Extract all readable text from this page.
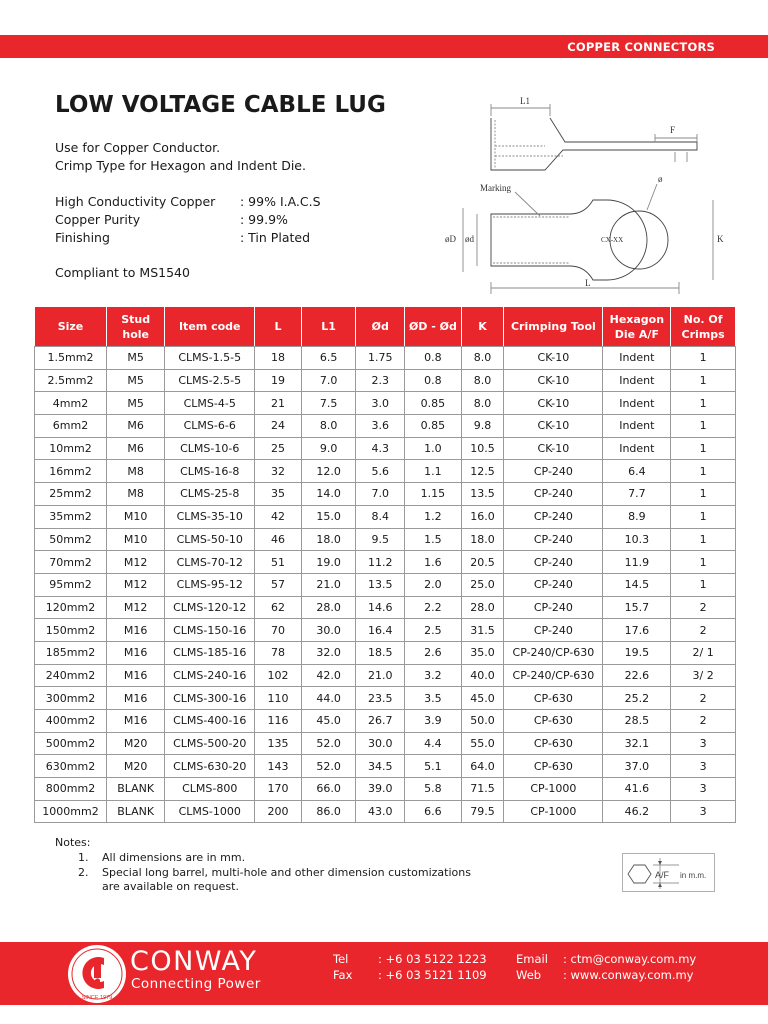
COPPER CONNECTORS
LOW VOLTAGE CABLE LUG
Use for Copper Conductor.
Crimp Type for Hexagon and Indent Die.
High Conductivity Copper : 99% I.A.C.S
Copper Purity	: 99.9%
Finishing	: Tin Plated
Compliant to MS1540
L1
F
Marking
ø
øD ød	K
L
CX-XX
Size	Stud hole	Item code	L	L1	Ød	ØD - Ød	K	Crimping Tool	Hexagon Die A/F	No. Of Crimps
1.5mm2	M5	CLMS-1.5-5	18	6.5	1.75	0.8	8.0	CK-10	Indent	1
2.5mm2	M5	CLMS-2.5-5	19	7.0	2.3	0.8	8.0	CK-10	Indent	1
4mm2	M5	CLMS-4-5	21	7.5	3.0	0.85	8.0	CK-10	Indent	1
6mm2	M6	CLMS-6-6	24	8.0	3.6	0.85	9.8	CK-10	Indent	1
10mm2	M6	CLMS-10-6	25	9.0	4.3	1.0	10.5	CK-10	Indent	1
16mm2	M8	CLMS-16-8	32	12.0	5.6	1.1	12.5	CP-240	6.4	1
25mm2	M8	CLMS-25-8	35	14.0	7.0	1.15	13.5	CP-240	7.7	1
35mm2	M10	CLMS-35-10	42	15.0	8.4	1.2	16.0	CP-240	8.9	1
50mm2	M10	CLMS-50-10	46	18.0	9.5	1.5	18.0	CP-240	10.3	1
70mm2	M12	CLMS-70-12	51	19.0	11.2	1.6	20.5	CP-240	11.9	1
95mm2	M12	CLMS-95-12	57	21.0	13.5	2.0	25.0	CP-240	14.5	1
120mm2	M12	CLMS-120-12	62	28.0	14.6	2.2	28.0	CP-240	15.7	2
150mm2	M16	CLMS-150-16	70	30.0	16.4	2.5	31.5	CP-240	17.6	2
185mm2	M16	CLMS-185-16	78	32.0	18.5	2.6	35.0	CP-240/CP-630	19.5	2/ 1
240mm2	M16	CLMS-240-16	102	42.0	21.0	3.2	40.0	CP-240/CP-630	22.6	3/ 2
300mm2	M16	CLMS-300-16	110	44.0	23.5	3.5	45.0	CP-630	25.2	2
400mm2	M16	CLMS-400-16	116	45.0	26.7	3.9	50.0	CP-630	28.5	2
500mm2	M20	CLMS-500-20	135	52.0	30.0	4.4	55.0	CP-630	32.1	3
630mm2	M20	CLMS-630-20	143	52.0	34.5	5.1	64.0	CP-630	37.0	3
800mm2	BLANK	CLMS-800	170	66.0	39.0	5.8	71.5	CP-1000	41.6	3
1000mm2	BLANK	CLMS-1000	200	86.0	43.0	6.6	79.5	CP-1000	46.2	3
Notes:
1. All dimensions are in mm.
2. Special long barrel, multi-hole and other dimension customizations
are available on request.
A/F in m.m.
SINCE 1979
CONWAY
Connecting Power
Tel	: +6 03 5122 1223
Fax : +6 03 5121 1109
Email : ctm@conway.com.my
Web : www.conway.com.my
